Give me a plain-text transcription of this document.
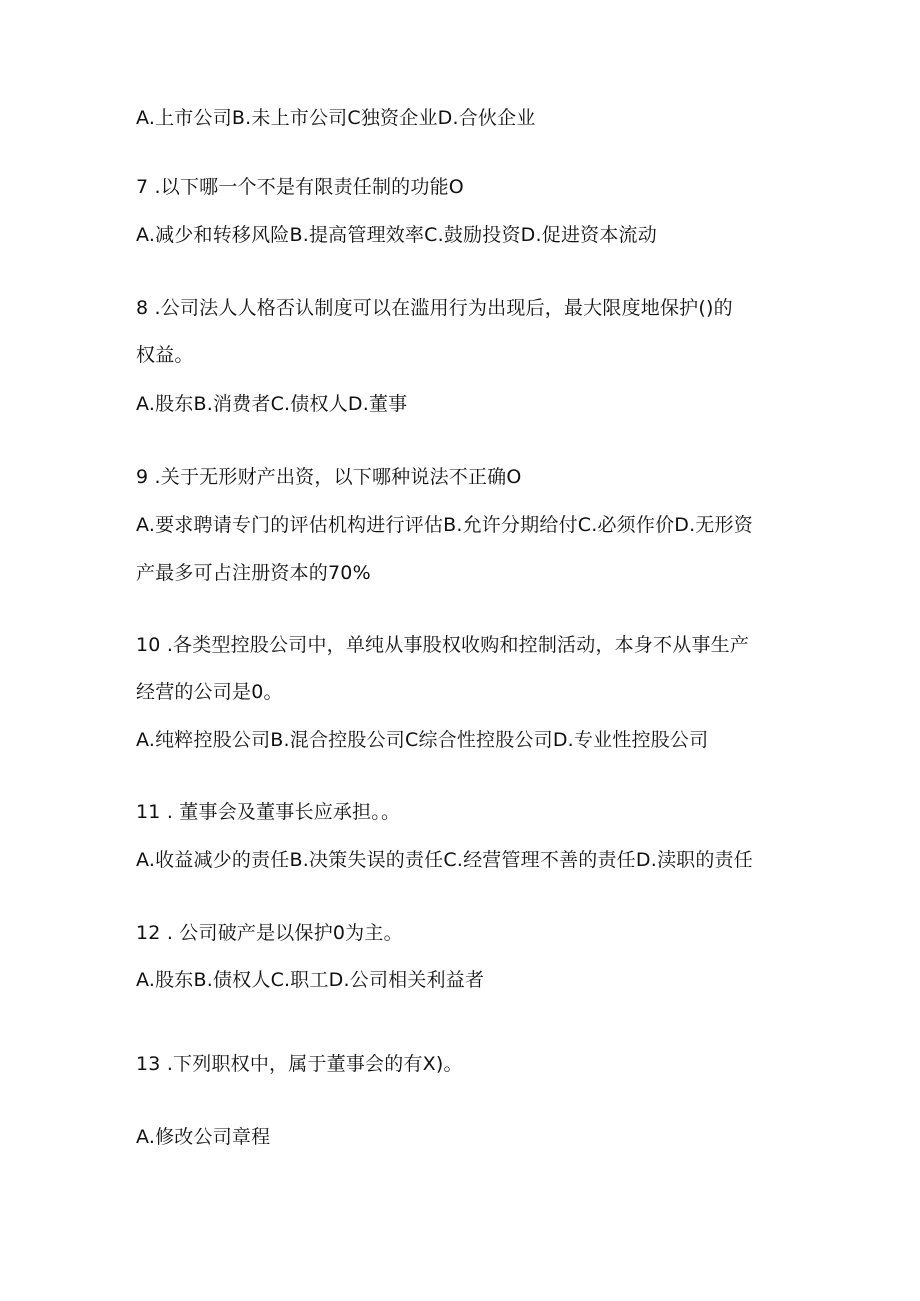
A.上市公司B.未上市公司C独资企业D.合伙企业
7 .以下哪一个不是有限责任制的功能O
A.减少和转移风险B.提高管理效率C.鼓励投资D.促进资本流动
8 .公司法人人格否认制度可以在滥用行为出现后，最大限度地保护()的
权益。
A.股东B.消费者C.债权人D.董事
9 .关于无形财产出资，以下哪种说法不正确O
A.要求聘请专门的评估机构进行评估B.允许分期给付C.必须作价D.无形资
产最多可占注册资本的70%
10 .各类型控股公司中，单纯从事股权收购和控制活动，本身不从事生产
经营的公司是0。
A.纯粹控股公司B.混合控股公司C综合性控股公司D.专业性控股公司
11 . 董事会及董事长应承担。。
A.收益减少的责任B.决策失误的责任C.经营管理不善的责任D.渎职的责任
12 . 公司破产是以保护0为主。
A.股东B.债权人C.职工D.公司相关利益者
13 .下列职权中，属于董事会的有X)。
A.修改公司章程
